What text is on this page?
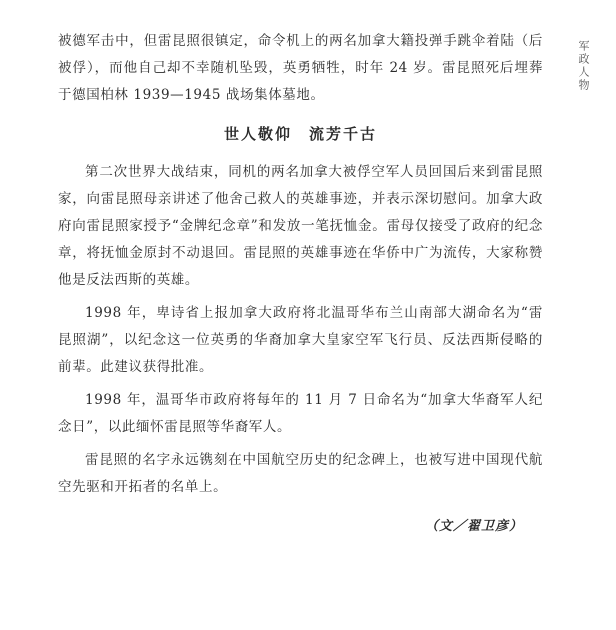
军政人物

被德军击中，但雷昆照很镇定，命令机上的两名加拿大籍投弹手跳伞着陆（后被俘），而他自己却不幸随机坠毁，英勇牺牲，时年 24 岁。雷昆照死后埋葬于德国柏林 1939—1945 战场集体墓地。

世人敬仰　流芳千古

第二次世界大战结束，同机的两名加拿大被俘空军人员回国后来到雷昆照家，向雷昆照母亲讲述了他舍己救人的英雄事迹，并表示深切慰问。加拿大政府向雷昆照家授予“金牌纪念章”和发放一笔抚恤金。雷母仅接受了政府的纪念章，将抚恤金原封不动退回。雷昆照的英雄事迹在华侨中广为流传，大家称赞他是反法西斯的英雄。

1998 年，卑诗省上报加拿大政府将北温哥华布兰山南部大湖命名为“雷昆照湖”，以纪念这一位英勇的华裔加拿大皇家空军飞行员、反法西斯侵略的前辈。此建议获得批准。

1998 年，温哥华市政府将每年的 11 月 7 日命名为“加拿大华裔军人纪念日”，以此缅怀雷昆照等华裔军人。

雷昆照的名字永远镌刻在中国航空历史的纪念碑上，也被写进中国现代航空先驱和开拓者的名单上。

（文／翟卫彦）
